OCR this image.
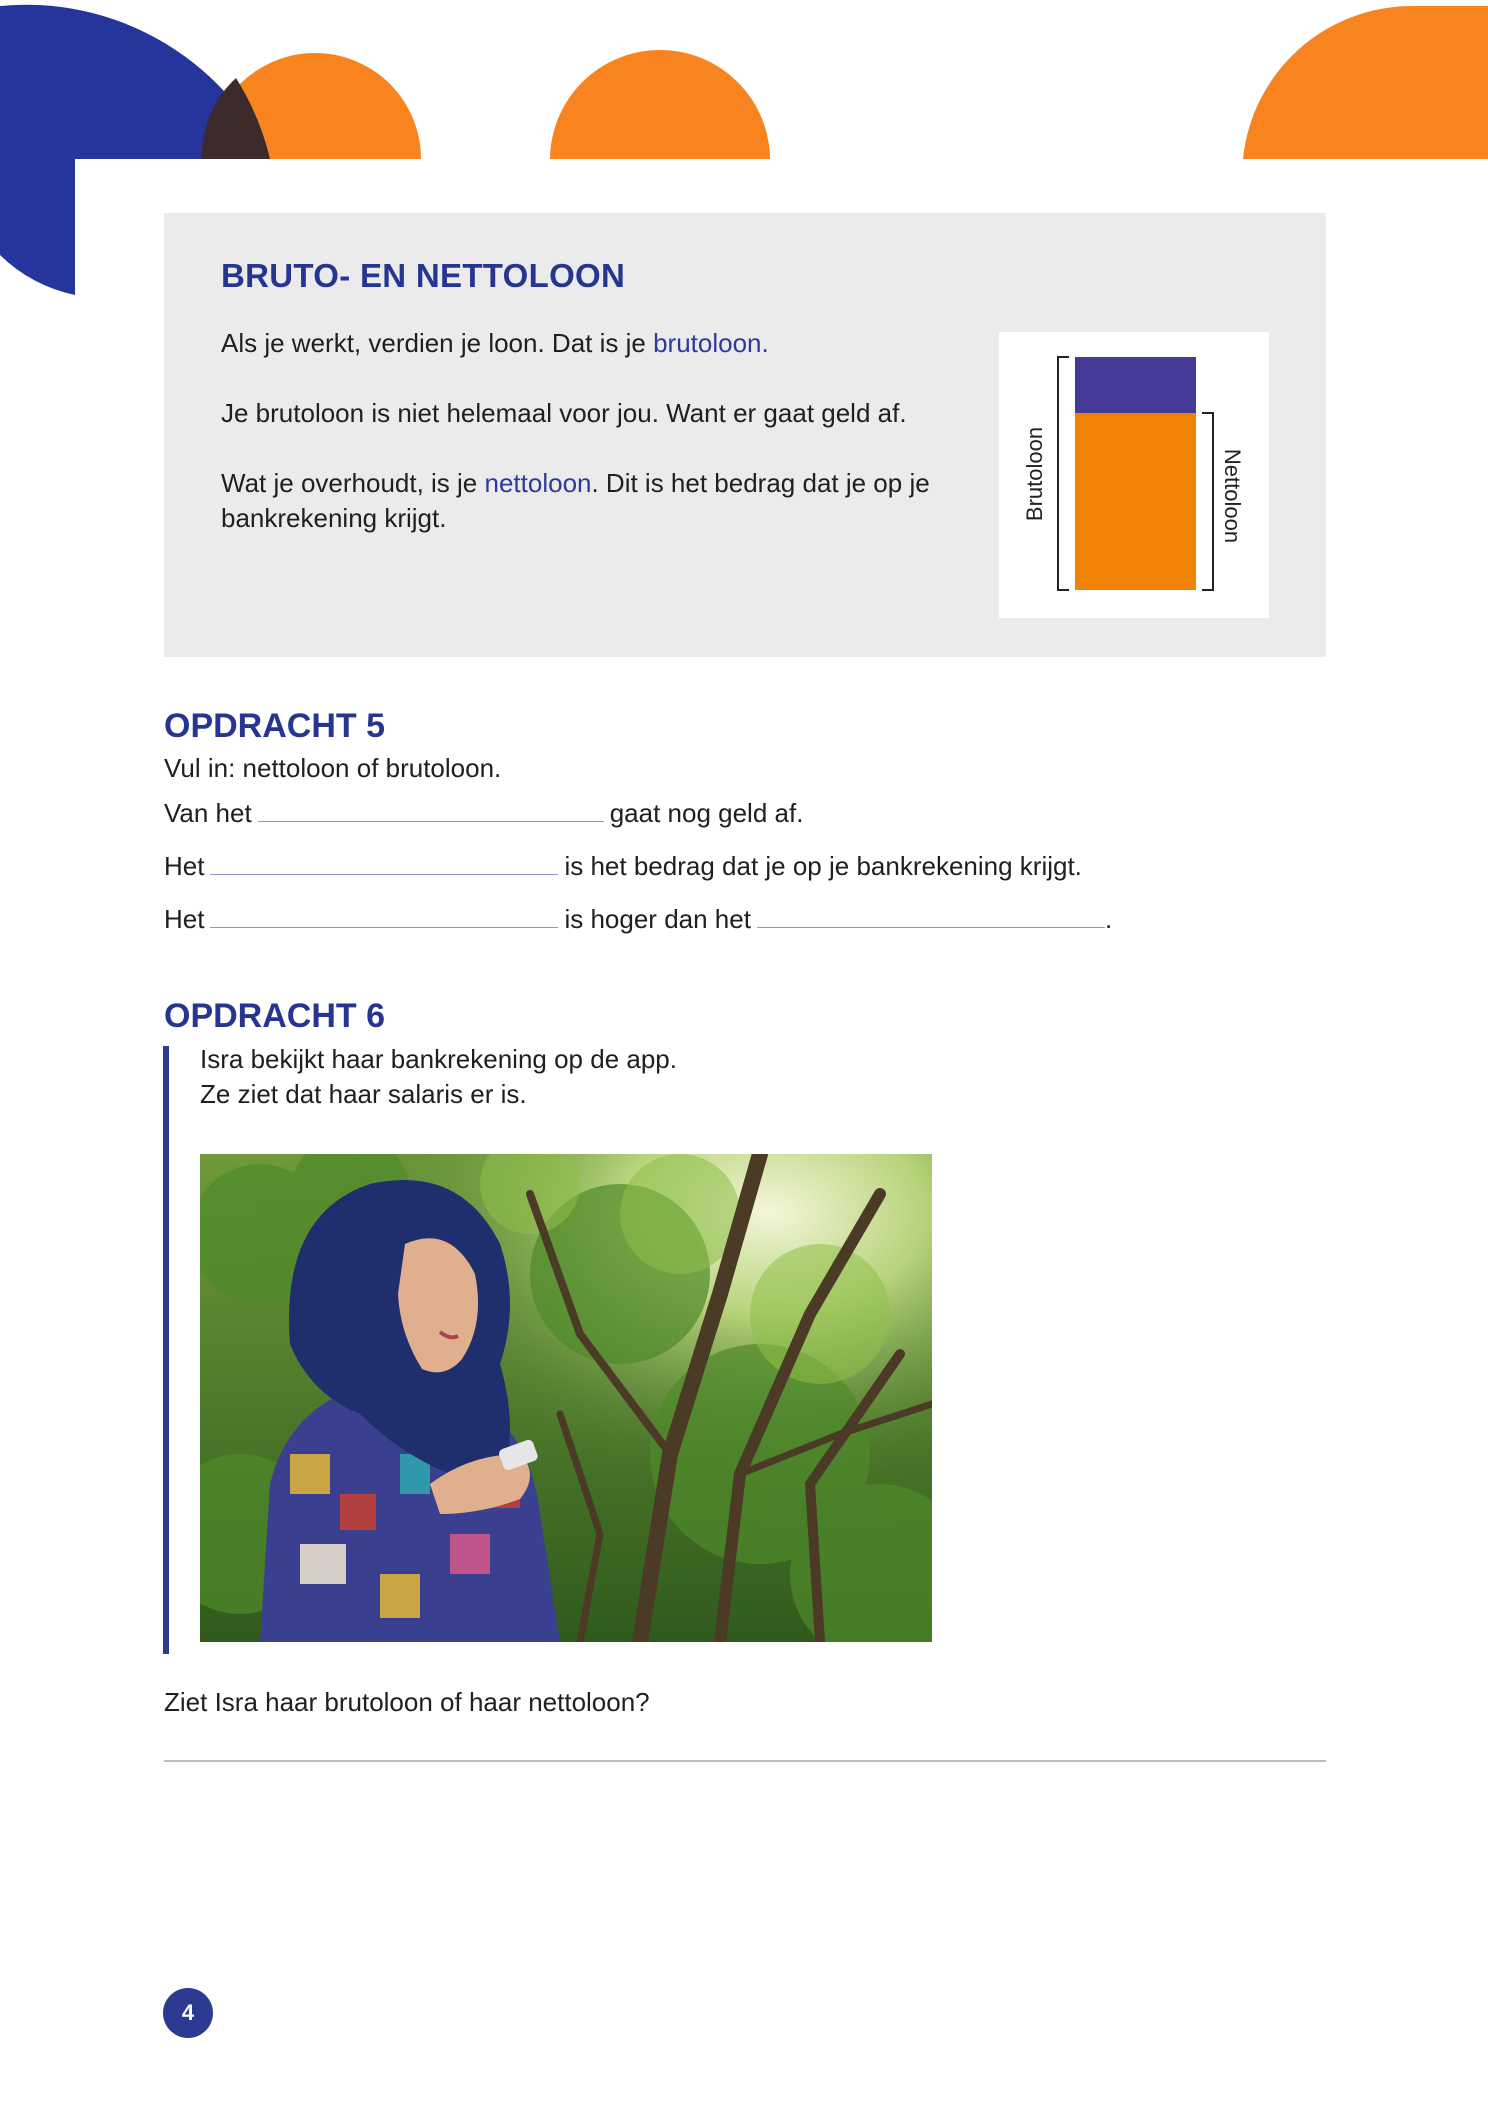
BRUTO- EN NETTOLOON

Als je werkt, verdien je loon. Dat is je brutoloon.

Je brutoloon is niet helemaal voor jou. Want er gaat geld af.

Wat je overhoudt, is je nettoloon. Dit is het bedrag dat je op je bankrekening krijgt.	Brutoloon	Nettoloon
OPDRACHT 5
Vul in: nettoloon of brutoloon.
Van het	gaat nog geld af.
Het	is het bedrag dat je op je bankrekening krijgt.
Het	is hoger dan het	.
OPDRACHT 6
Isra bekijkt haar bankrekening op de app.
Ze ziet dat haar salaris er is.
Ziet Isra haar brutoloon of haar nettoloon?
4
